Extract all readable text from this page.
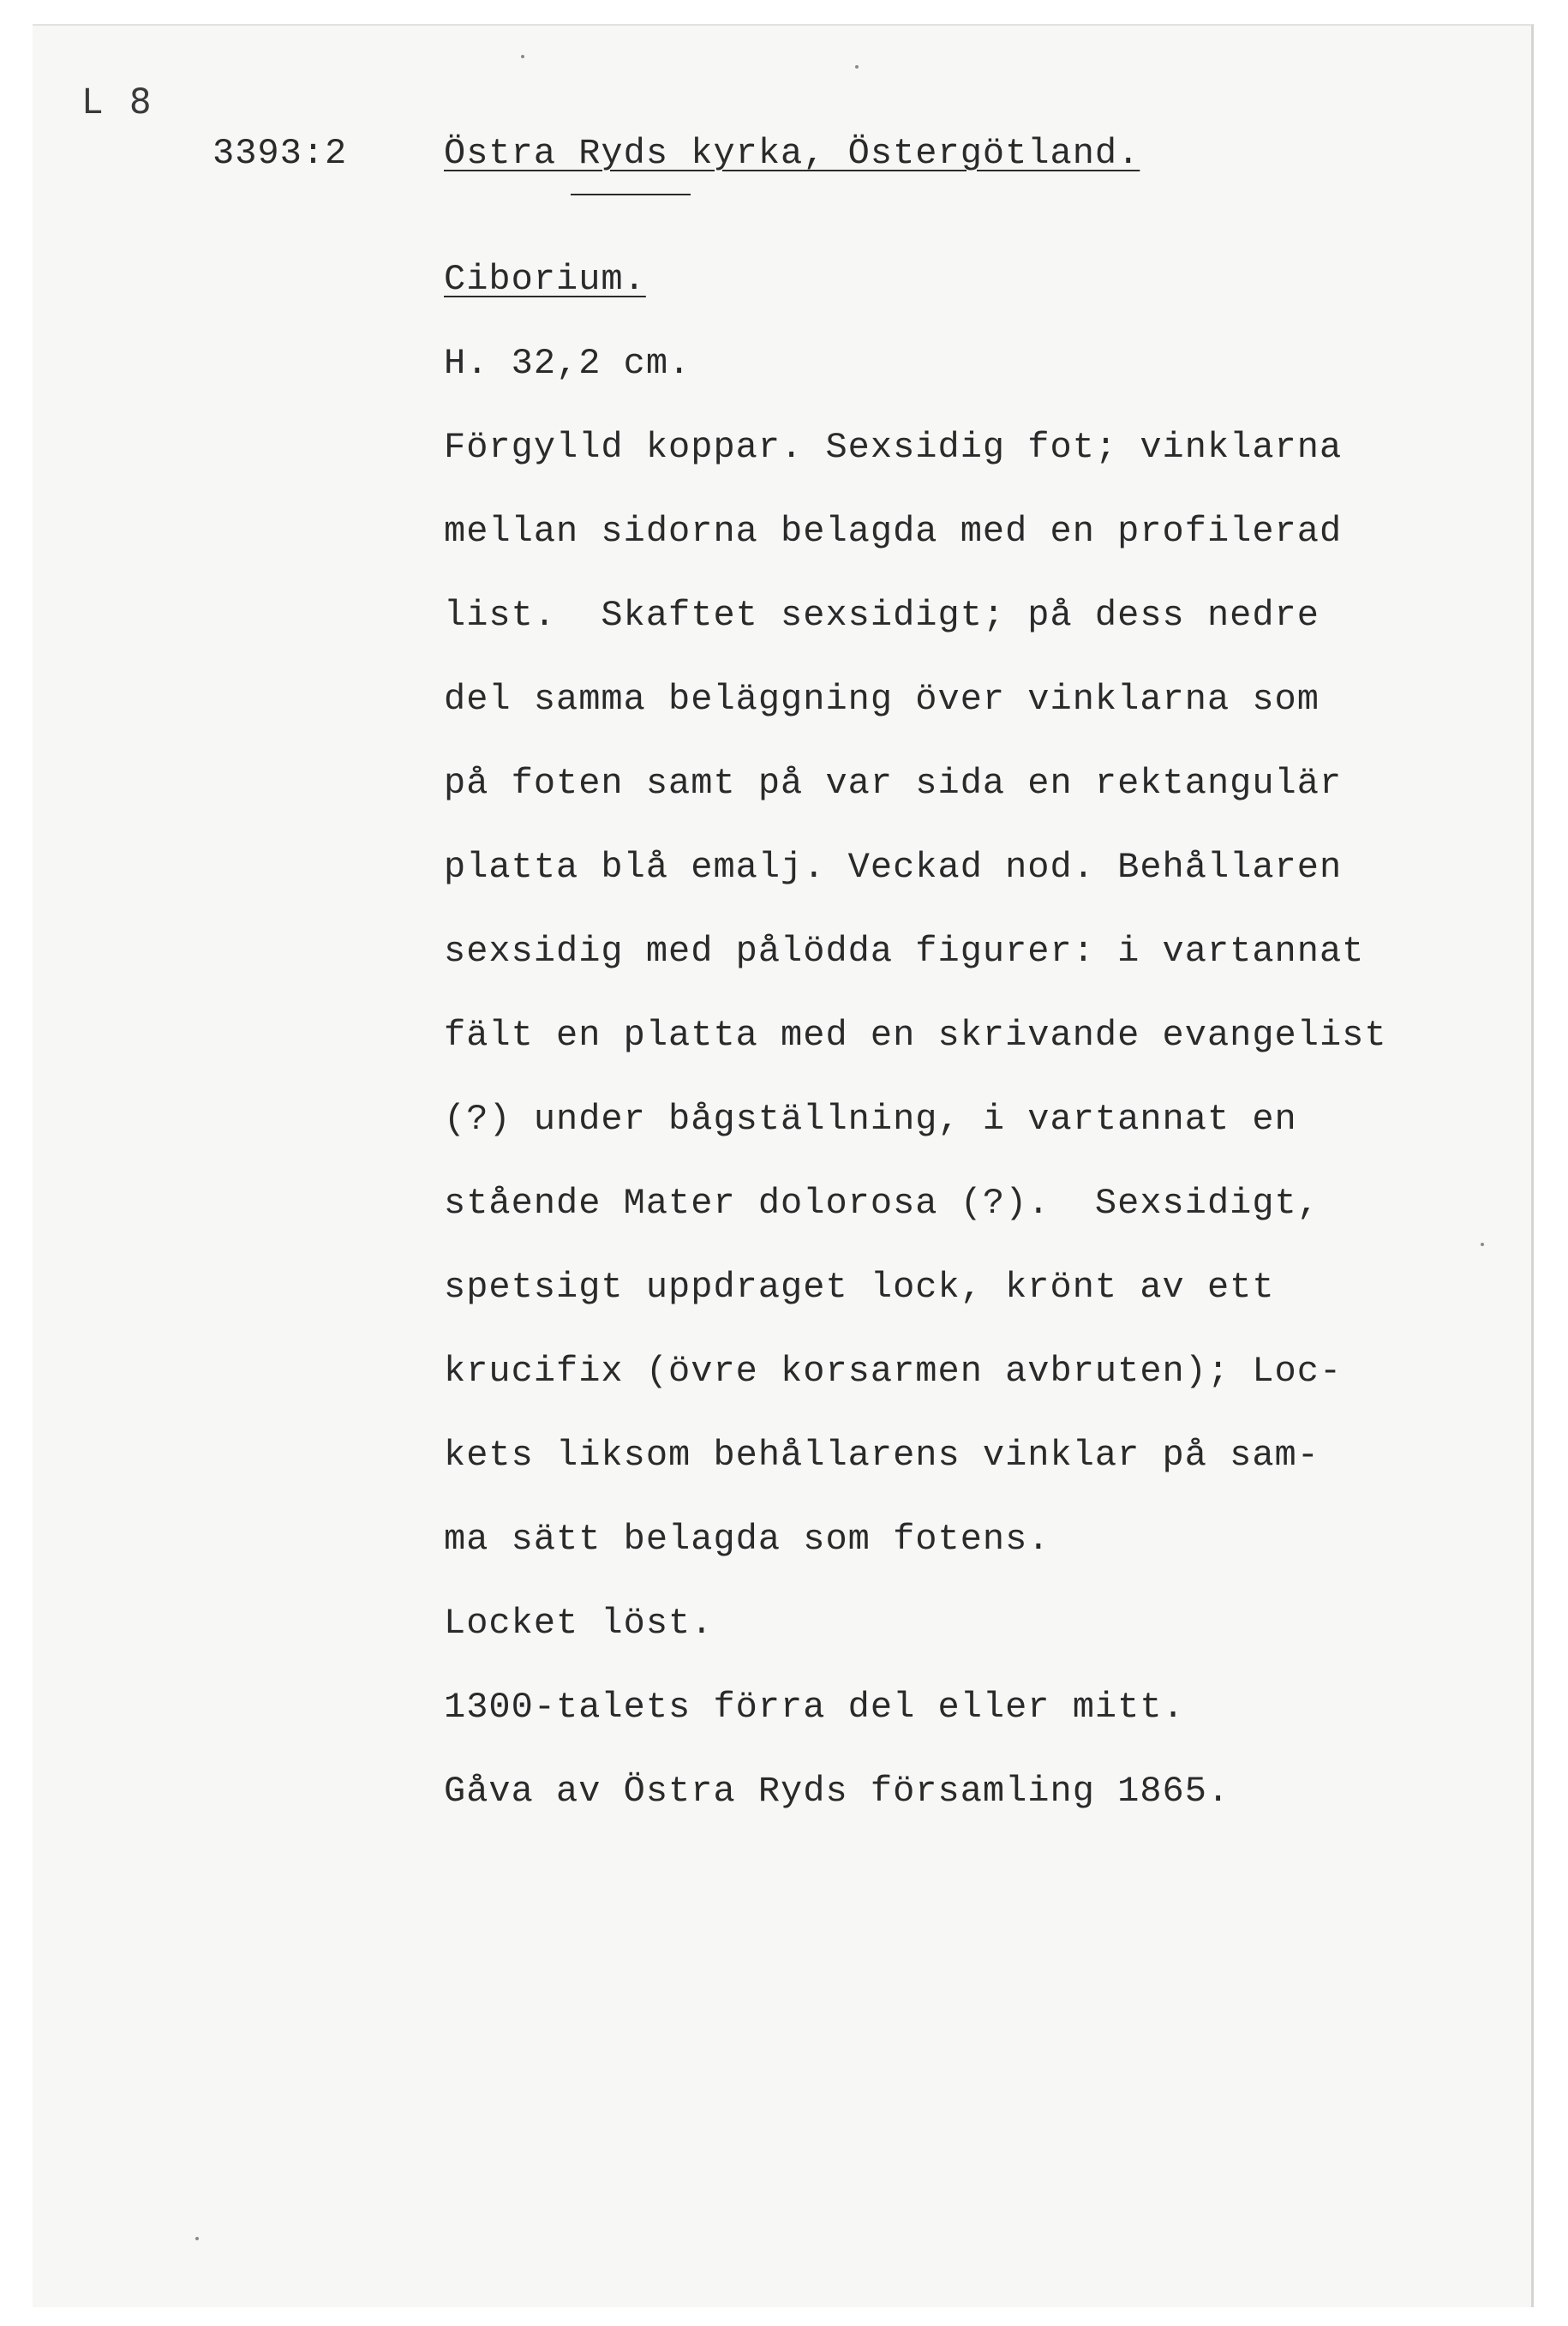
L 8
3393:2	Östra Ryds kyrka, Östergötland.
Ciborium.
H. 32,2 cm.
Förgylld koppar. Sexsidig fot; vinklarna
mellan sidorna belagda med en profilerad
list.  Skaftet sexsidigt; på dess nedre
del samma beläggning över vinklarna som
på foten samt på var sida en rektangulär
platta blå emalj. Veckad nod. Behållaren
sexsidig med pålödda figurer: i vartannat
fält en platta med en skrivande evangelist
(?) under bågställning, i vartannat en
stående Mater dolorosa (?).  Sexsidigt,
spetsigt uppdraget lock, krönt av ett
krucifix (övre korsarmen avbruten); Loc-
kets liksom behållarens vinklar på sam-
ma sätt belagda som fotens.
Locket löst.
1300-talets förra del eller mitt.
Gåva av Östra Ryds församling 1865.
